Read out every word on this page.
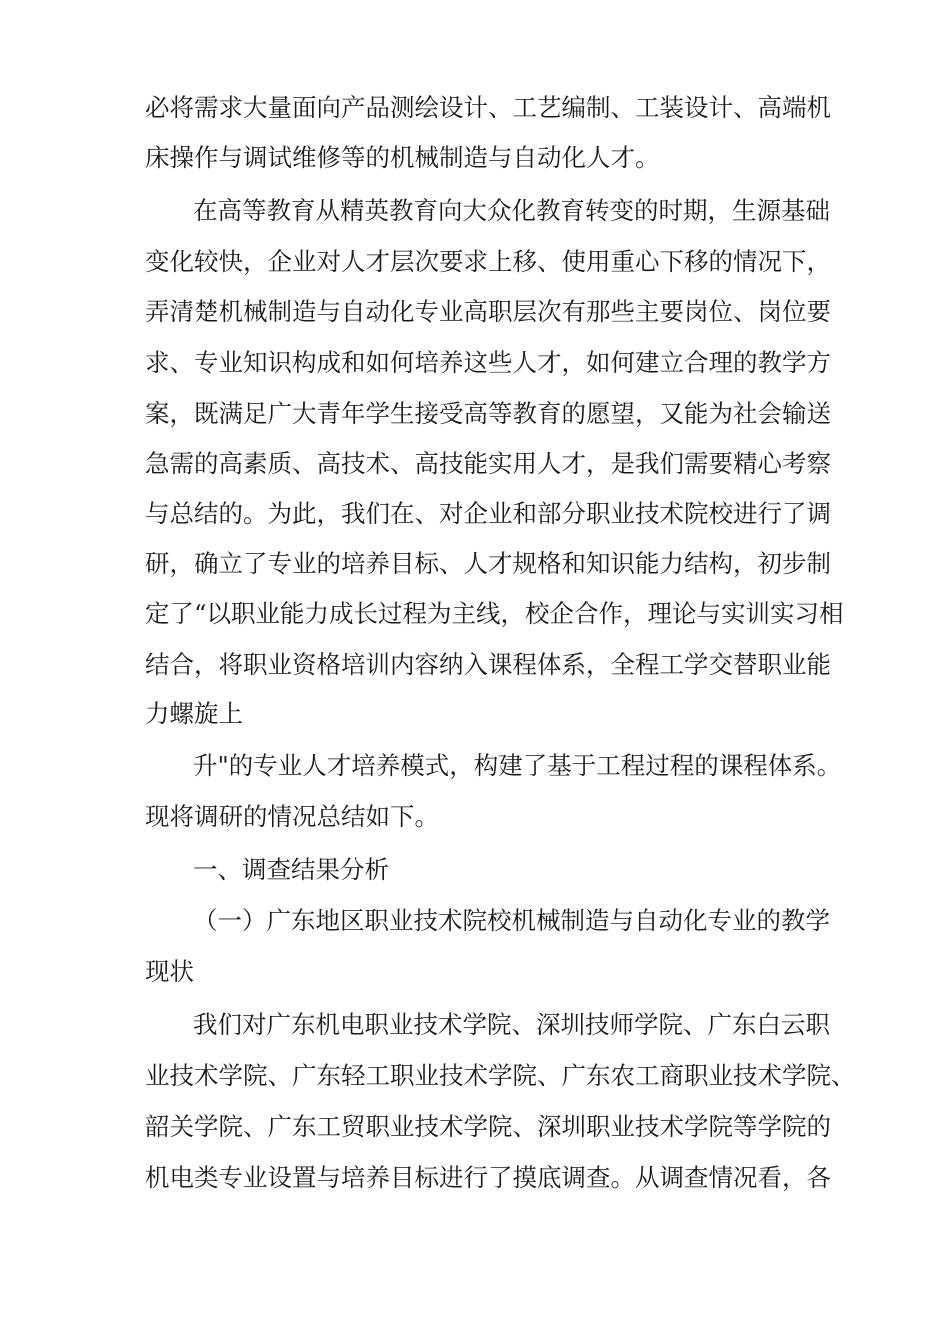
必将需求大量面向产品测绘设计、工艺编制、工装设计、高端机

床操作与调试维修等的机械制造与自动化人才。

在高等教育从精英教育向大众化教育转变的时期，生源基础

变化较快，企业对人才层次要求上移、使用重心下移的情况下，

弄清楚机械制造与自动化专业高职层次有那些主要岗位、岗位要

求、专业知识构成和如何培养这些人才，如何建立合理的教学方

案，既满足广大青年学生接受高等教育的愿望，又能为社会输送

急需的高素质、高技术、高技能实用人才，是我们需要精心考察

与总结的。为此，我们在、对企业和部分职业技术院校进行了调

研，确立了专业的培养目标、人才规格和知识能力结构，初步制

定了“以职业能力成长过程为主线，校企合作，理论与实训实习相

结合，将职业资格培训内容纳入课程体系，全程工学交替职业能

力螺旋上

升"的专业人才培养模式，构建了基于工程过程的课程体系。

现将调研的情况总结如下。

一、调查结果分析

（一）广东地区职业技术院校机械制造与自动化专业的教学

现状

我们对广东机电职业技术学院、深圳技师学院、广东白云职

业技术学院、广东轻工职业技术学院、广东农工商职业技术学院、

韶关学院、广东工贸职业技术学院、深圳职业技术学院等学院的

机电类专业设置与培养目标进行了摸底调查。从调查情况看，各
